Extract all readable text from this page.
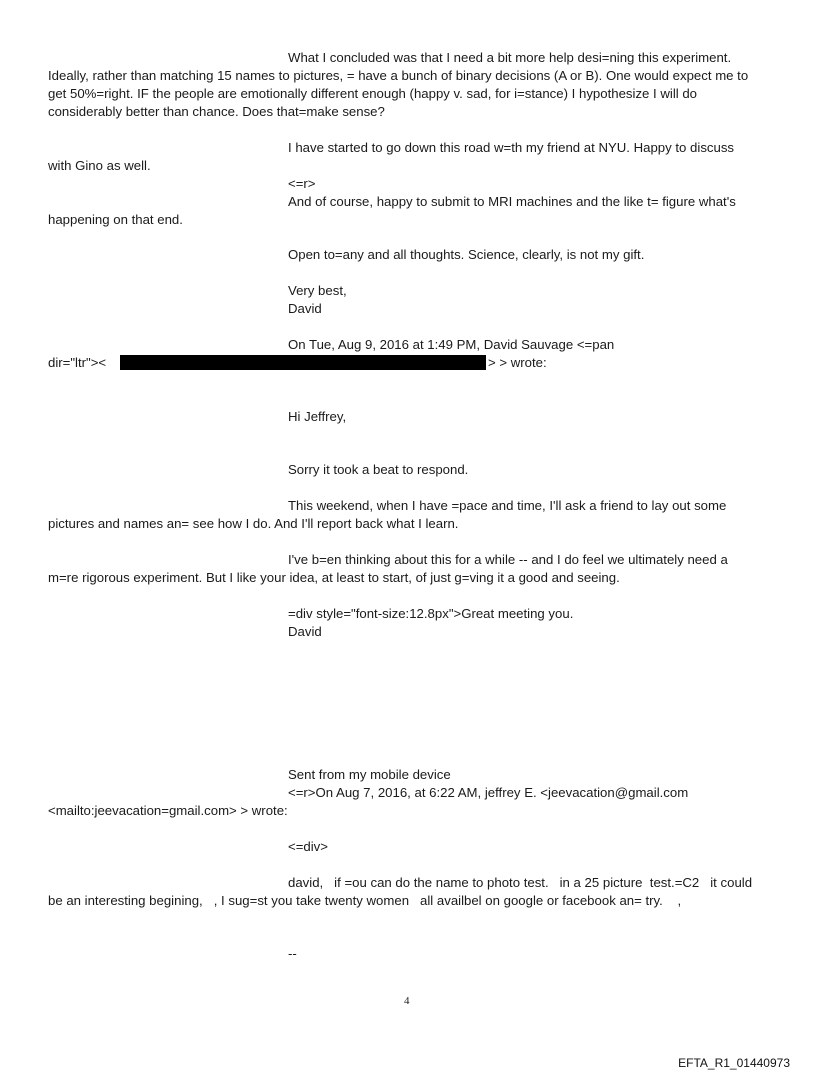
What I concluded was that I need a bit more help desi=ning this experiment.
Ideally, rather than matching 15 names to pictures, = have a bunch of binary decisions (A or B). One would expect me to
get 50%=right. IF the people are emotionally different enough (happy v. sad, for i=stance) I hypothesize I will do
considerably better than chance. Does that=make sense?
I have started to go down this road w=th my friend at NYU. Happy to discuss
with Gino as well.
<=r>
And of course, happy to submit to MRI machines and the like t= figure what's
happening on that end.
Open to=any and all thoughts. Science, clearly, is not my gift.
Very best,
David
On Tue, Aug 9, 2016 at 1:49 PM, David Sauvage <=pan
dir="ltr"><	> > wrote:
Hi Jeffrey,
Sorry it took a beat to respond.
This weekend, when I have =pace and time, I'll ask a friend to lay out some
pictures and names an= see how I do. And I'll report back what I learn.
I've b=en thinking about this for a while -- and I do feel we ultimately need a
m=re rigorous experiment. But I like your idea, at least to start, of just g=ving it a good and seeing.
=div style="font-size:12.8px">Great meeting you.
David
Sent from my mobile device
<=r>On Aug 7, 2016, at 6:22 AM, jeffrey E. <jeevacation@gmail.com
<mailto:jeevacation=gmail.com> > wrote:
<=div>
david,   if =ou can do the name to photo test.   in a 25 picture  test.=C2   it could
be an interesting begining,   , I sug=st you take twenty women   all availbel on google or facebook an= try.    ,
--
4
EFTA_R1_01440973
